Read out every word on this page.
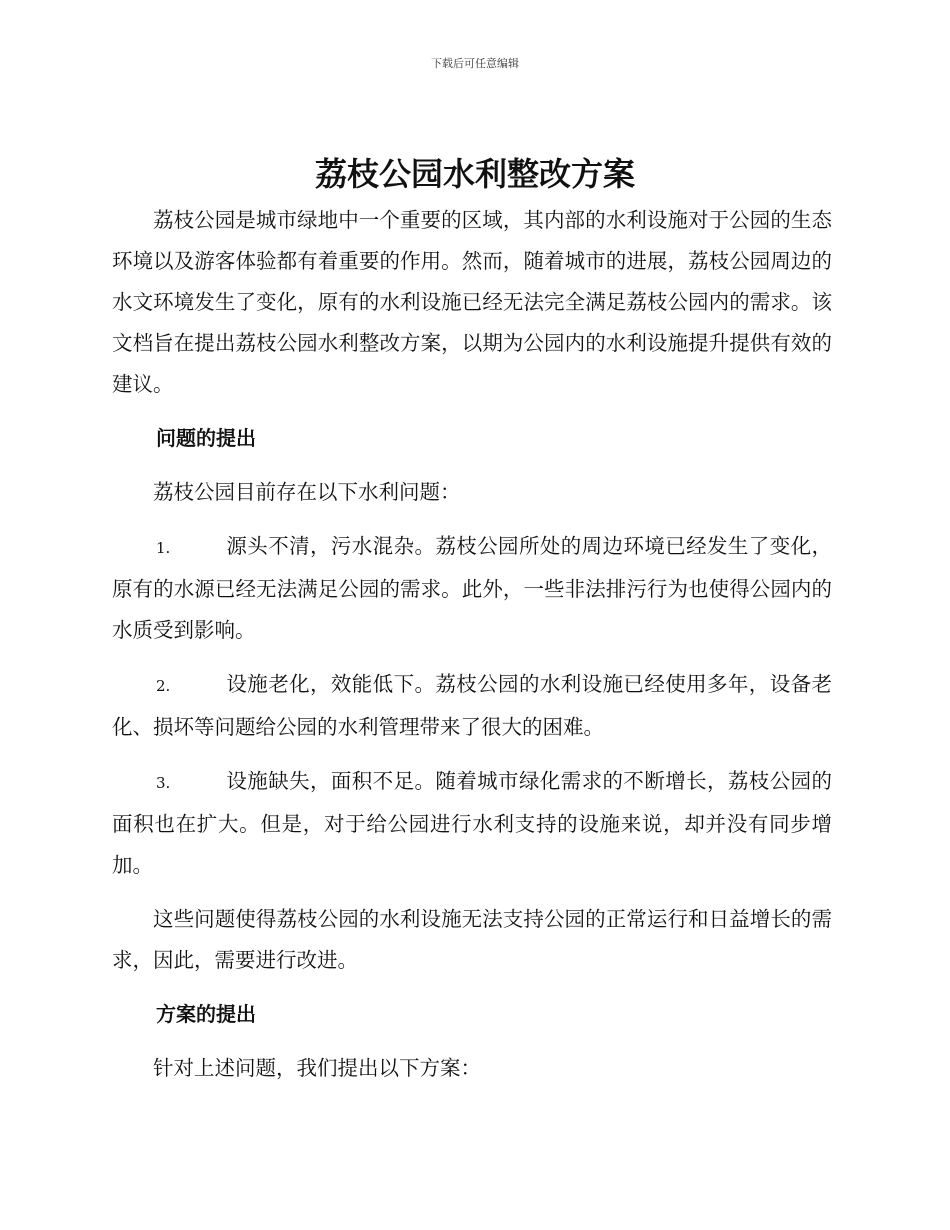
下载后可任意编辑
荔枝公园水利整改方案

荔枝公园是城市绿地中一个重要的区域，其内部的水利设施对于公园的生态环境以及游客体验都有着重要的作用。然而，随着城市的进展，荔枝公园周边的水文环境发生了变化，原有的水利设施已经无法完全满足荔枝公园内的需求。该文档旨在提出荔枝公园水利整改方案，以期为公园内的水利设施提升提供有效的建议。

问题的提出

荔枝公园目前存在以下水利问题：

1.	源头不清，污水混杂。荔枝公园所处的周边环境已经发生了变化，原有的水源已经无法满足公园的需求。此外，一些非法排污行为也使得公园内的水质受到影响。

2.	设施老化，效能低下。荔枝公园的水利设施已经使用多年，设备老化、损坏等问题给公园的水利管理带来了很大的困难。

3.	设施缺失，面积不足。随着城市绿化需求的不断增长，荔枝公园的面积也在扩大。但是，对于给公园进行水利支持的设施来说，却并没有同步增加。

这些问题使得荔枝公园的水利设施无法支持公园的正常运行和日益增长的需求，因此，需要进行改进。

方案的提出

针对上述问题，我们提出以下方案：
